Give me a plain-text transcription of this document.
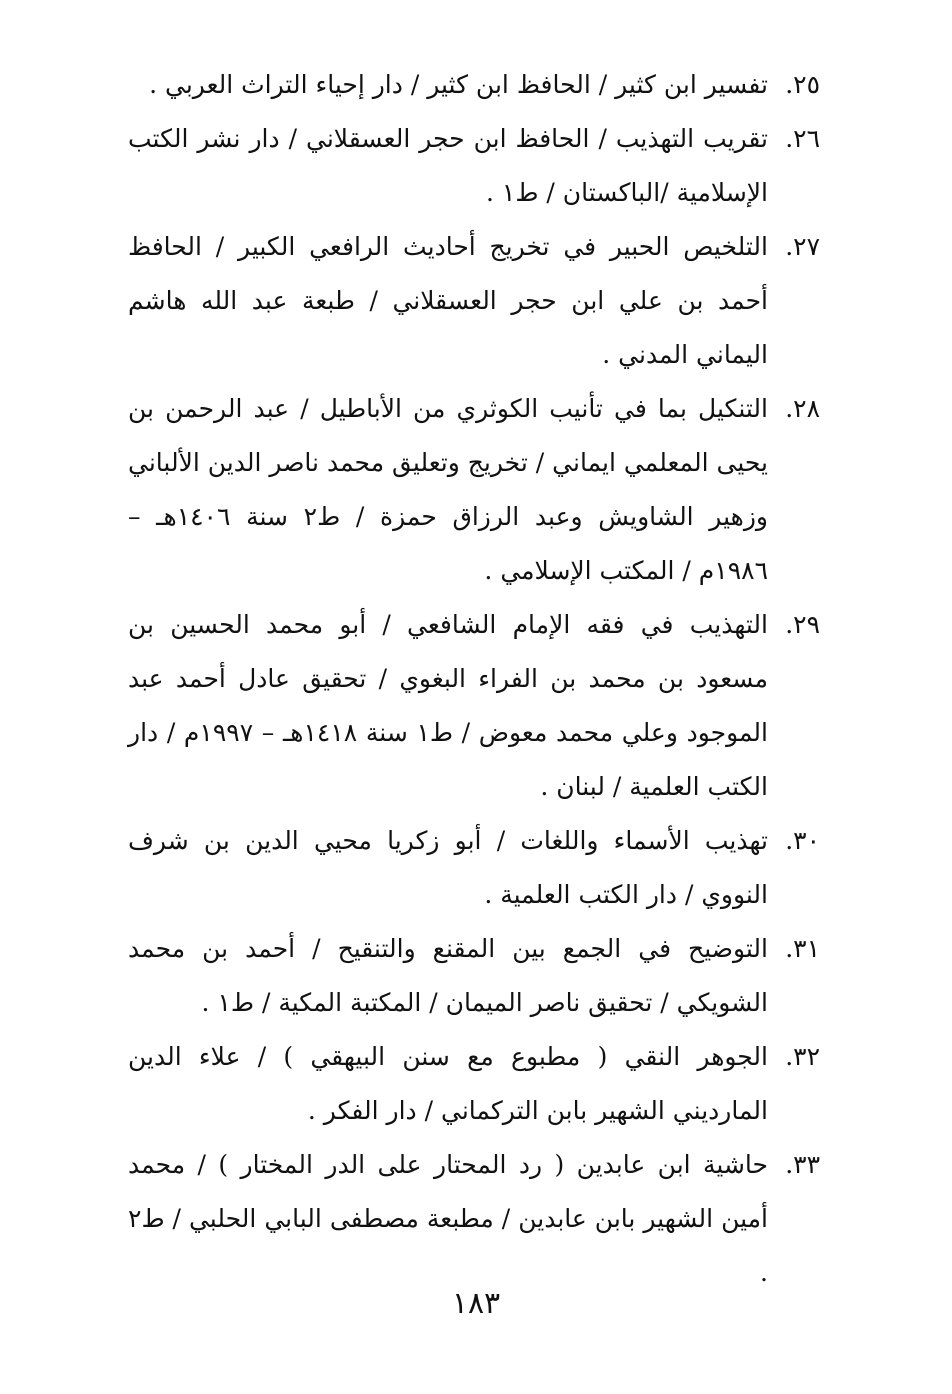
٢٥.
تفسير ابن كثير / الحافظ ابن كثير / دار إحياء التراث العربي .
٢٦.
تقريب التهذيب / الحافظ ابن حجر العسقلاني / دار نشر الكتب الإسلامية /الباكستان / ط١ .
٢٧.
التلخيص الحبير في تخريج أحاديث الرافعي الكبير / الحافظ أحمد بن علي ابن حجر العسقلاني / طبعة عبد الله هاشم اليماني المدني .
٢٨.
التنكيل بما في تأنيب الكوثري من الأباطيل / عبد الرحمن بن يحيى المعلمي ايماني / تخريج وتعليق محمد ناصر الدين الألباني وزهير الشاويش وعبد الرزاق حمزة / ط٢ سنة ١٤٠٦هـ – ١٩٨٦م / المكتب الإسلامي .
٢٩.
التهذيب في فقه الإمام الشافعي / أبو محمد الحسين بن مسعود بن محمد بن الفراء البغوي / تحقيق عادل أحمد عبد الموجود وعلي محمد معوض / ط١ سنة ١٤١٨هـ – ١٩٩٧م / دار الكتب العلمية / لبنان .
٣٠.
تهذيب الأسماء واللغات / أبو زكريا محيي الدين بن شرف النووي / دار الكتب العلمية .
٣١.
التوضيح في الجمع بين المقنع والتنقيح / أحمد بن محمد الشويكي / تحقيق ناصر الميمان / المكتبة المكية / ط١ .
٣٢.
الجوهر النقي ( مطبوع مع سنن البيهقي ) / علاء الدين المارديني الشهير بابن التركماني / دار الفكر .
٣٣.
حاشية ابن عابدين ( رد المحتار على الدر المختار ) / محمد أمين الشهير بابن عابدين / مطبعة مصطفى البابي الحلبي / ط٢ .
١٨٣
